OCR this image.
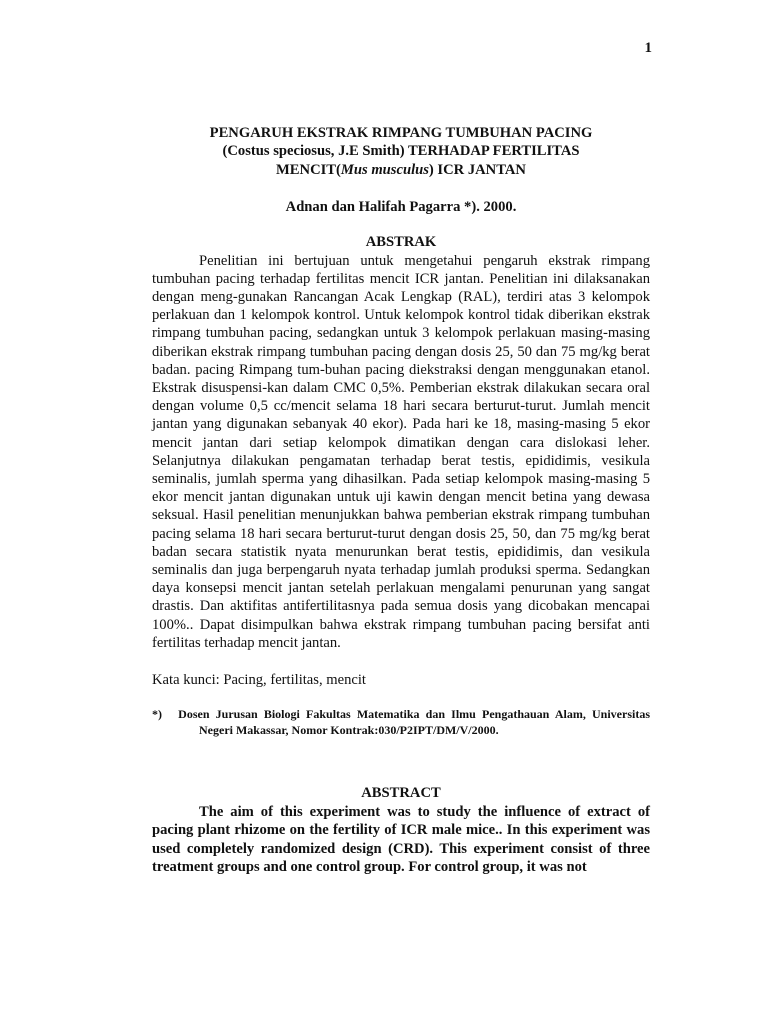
1
PENGARUH EKSTRAK RIMPANG TUMBUHAN PACING
(Costus speciosus, J.E Smith) TERHADAP FERTILITAS
MENCIT(Mus musculus) ICR JANTAN
Adnan dan Halifah Pagarra *). 2000.
ABSTRAK

Penelitian ini bertujuan untuk mengetahui pengaruh ekstrak rimpang tumbuhan pacing terhadap fertilitas mencit ICR jantan. Penelitian ini dilaksanakan dengan meng-gunakan Rancangan Acak Lengkap (RAL), terdiri atas 3 kelompok perlakuan dan 1 kelompok kontrol. Untuk kelompok kontrol tidak diberikan ekstrak rimpang tumbuhan pacing, sedangkan untuk 3 kelompok perlakuan masing-masing diberikan ekstrak rimpang tumbuhan pacing dengan dosis 25, 50 dan 75 mg/kg berat badan. pacing Rimpang tum-buhan pacing diekstraksi dengan menggunakan etanol. Ekstrak disuspensi-kan dalam CMC 0,5%. Pemberian ekstrak dilakukan secara oral dengan volume 0,5 cc/mencit selama 18 hari secara berturut-turut. Jumlah mencit jantan yang digunakan sebanyak 40 ekor). Pada hari ke 18, masing-masing 5 ekor mencit jantan dari setiap kelompok dimatikan dengan cara dislokasi leher. Selanjutnya dilakukan pengamatan terhadap berat testis, epididimis, vesikula seminalis, jumlah sperma yang dihasilkan. Pada setiap kelompok masing-masing 5 ekor mencit jantan digunakan untuk uji kawin dengan mencit betina yang dewasa seksual. Hasil penelitian menunjukkan bahwa pemberian ekstrak rimpang tumbuhan pacing selama 18 hari secara berturut-turut dengan dosis 25, 50, dan 75 mg/kg berat badan secara statistik nyata menurunkan berat testis, epididimis, dan vesikula seminalis dan juga berpengaruh nyata terhadap jumlah produksi sperma. Sedangkan daya konsepsi mencit jantan setelah perlakuan mengalami penurunan yang sangat drastis. Dan aktifitas antifertilitasnya pada semua dosis yang dicobakan mencapai 100%.. Dapat disimpulkan bahwa ekstrak rimpang tumbuhan pacing bersifat anti fertilitas terhadap mencit jantan.

Kata kunci: Pacing, fertilitas, mencit
*) Dosen Jurusan Biologi Fakultas Matematika dan Ilmu Pengathauan Alam, Universitas Negeri Makassar, Nomor Kontrak:030/P2IPT/DM/V/2000.
ABSTRACT

The aim of this experiment was to study the influence of extract of pacing plant rhizome on the fertility of ICR male mice.. In this experiment was used completely randomized design (CRD). This experiment consist of three treatment groups and one control group. For control group, it was not
